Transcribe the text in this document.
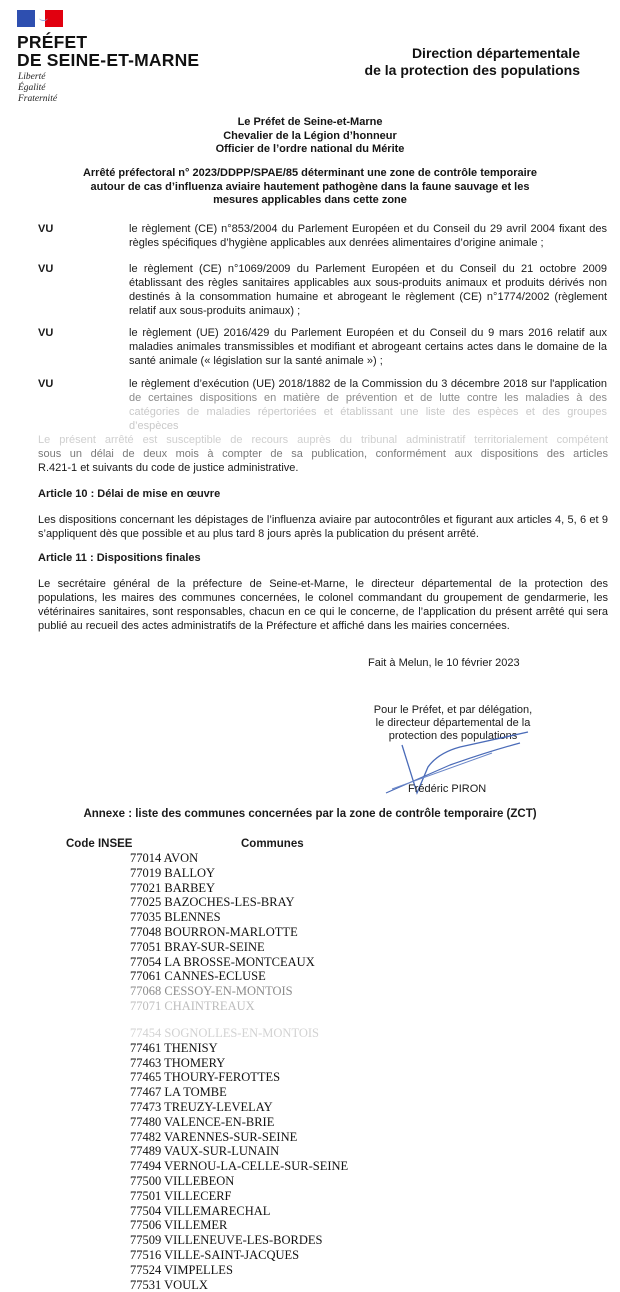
PRÉFET
DE SEINE-ET-MARNE
Liberté
Égalité
Fraternité
Direction départementale
de la protection des populations
Le Préfet de Seine-et-Marne
Chevalier de la Légion d’honneur
Officier de l’ordre national du Mérite
Arrêté préfectoral n° 2023/DDPP/SPAE/85 déterminant une zone de contrôle temporaire
autour de cas d’influenza aviaire hautement pathogène dans la faune sauvage et les
mesures applicables dans cette zone
VU	le règlement (CE) n°853/2004 du Parlement Européen et du Conseil du 29 avril 2004 fixant des règles spécifiques d’hygiène applicables aux denrées alimentaires d’origine animale ;
VU	le règlement (CE) n°1069/2009 du Parlement Européen et du Conseil du 21 octobre 2009 établissant des règles sanitaires applicables aux sous-produits animaux et produits dérivés non destinés à la consommation humaine et abrogeant le règlement (CE) n°1774/2002 (règlement relatif aux sous-produits animaux) ;
VU	le règlement (UE) 2016/429 du Parlement Européen et du Conseil du 9 mars 2016 relatif aux maladies animales transmissibles et modifiant et abrogeant certains actes dans le domaine de la santé animale (« législation sur la santé animale ») ;
VU	le règlement d’exécution (UE) 2018/1882 de la Commission du 3 décembre 2018 sur l'application
de certaines dispositions en matière de prévention et de lutte contre les maladies à des
catégories de maladies répertoriées et établissant une liste des espèces et des groupes d’espèces
Le présent arrêté est susceptible de recours auprès du tribunal administratif territorialement compétent
sous un délai de deux mois à compter de sa publication, conformément aux dispositions des articles
R.421-1 et suivants du code de justice administrative.
Article 10 : Délai de mise en œuvre
Les dispositions concernant les dépistages de l’influenza aviaire par autocontrôles et figurant aux articles 4, 5, 6 et 9 s’appliquent dès que possible et au plus tard 8 jours après la publication du présent arrêté.
Article 11 : Dispositions finales
Le secrétaire général de la préfecture de Seine-et-Marne, le directeur départemental de la protection des populations, les maires des communes concernées, le colonel commandant du groupement de gendarmerie, les vétérinaires sanitaires, sont responsables, chacun en ce qui le concerne, de l’application du présent arrêté qui sera publié au recueil des actes administratifs de la Préfecture et affiché dans les mairies concernées.
Fait à Melun, le 10 février 2023
Pour le Préfet, et par délégation,
le directeur départemental de la
protection des populations
Frédéric PIRON
Annexe : liste des communes concernées par la zone de contrôle temporaire (ZCT)
Code INSEE	Communes
77014 AVON
77019 BALLOY
77021 BARBEY
77025 BAZOCHES-LES-BRAY
77035 BLENNES
77048 BOURRON-MARLOTTE
77051 BRAY-SUR-SEINE
77054 LA BROSSE-MONTCEAUX
77061 CANNES-ECLUSE
77068 CESSOY-EN-MONTOIS
77071 CHAINTREAUX
77454 SOGNOLLES-EN-MONTOIS
77461 THENISY
77463 THOMERY
77465 THOURY-FEROTTES
77467 LA TOMBE
77473 TREUZY-LEVELAY
77480 VALENCE-EN-BRIE
77482 VARENNES-SUR-SEINE
77489 VAUX-SUR-LUNAIN
77494 VERNOU-LA-CELLE-SUR-SEINE
77500 VILLEBEON
77501 VILLECERF
77504 VILLEMARECHAL
77506 VILLEMER
77509 VILLENEUVE-LES-BORDES
77516 VILLE-SAINT-JACQUES
77524 VIMPELLES
77531 VOULX
